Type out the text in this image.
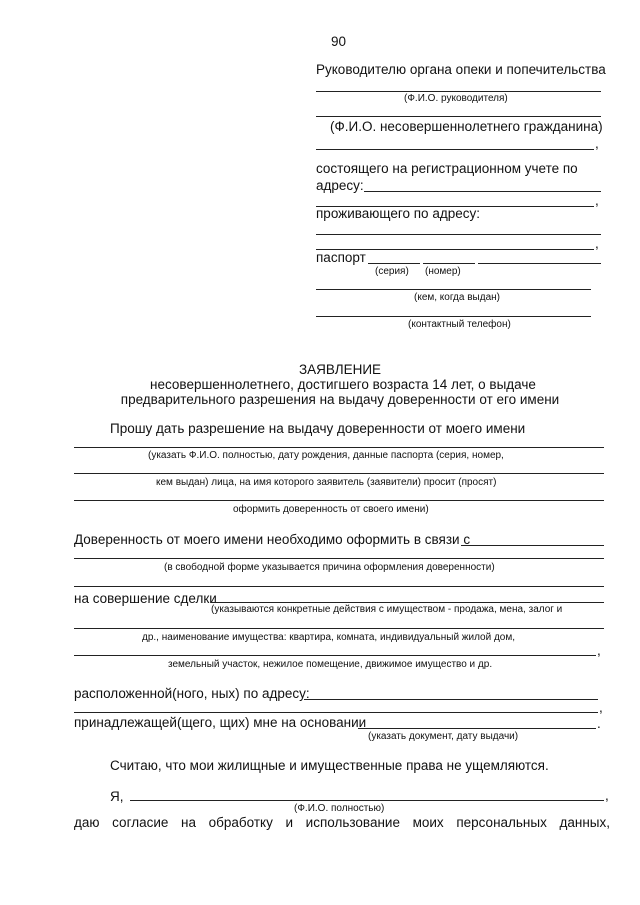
90
Руководителю органа опеки и попечительства
(Ф.И.О. руководителя)
(Ф.И.О. несовершеннолетнего гражданина)
,
состоящего на регистрационном учете по
адресу:
,
проживающего по адресу:
,
паспорт
(серия) (номер)
(кем, когда выдан)
(контактный телефон)
ЗАЯВЛЕНИЕ
несовершеннолетнего, достигшего возраста 14 лет, о выдаче
предварительного разрешения на выдачу доверенности от его имени
Прошу дать разрешение на выдачу доверенности от моего имени
(указать Ф.И.О. полностью, дату рождения, данные паспорта (серия, номер,
кем выдан) лица, на имя которого заявитель (заявители) просит (просят)
оформить доверенность от своего имени)
Доверенность от моего имени необходимо оформить в связи с
(в свободной форме указывается причина оформления доверенности)
на совершение сделки
(указываются конкретные действия с имуществом - продажа, мена, залог и
др., наименование имущества: квартира, комната, индивидуальный жилой дом,
,
земельный участок, нежилое помещение, движимое имущество и др.
расположенной(ного, ных) по адресу:
,
принадлежащей(щего, щих) мне на основании	.
(указать документ, дату выдачи)
Считаю, что мои жилищные и имущественные права не ущемляются.
Я,	,
(Ф.И.О. полностью)
даю согласие на обработку и использование моих персональных данных,
